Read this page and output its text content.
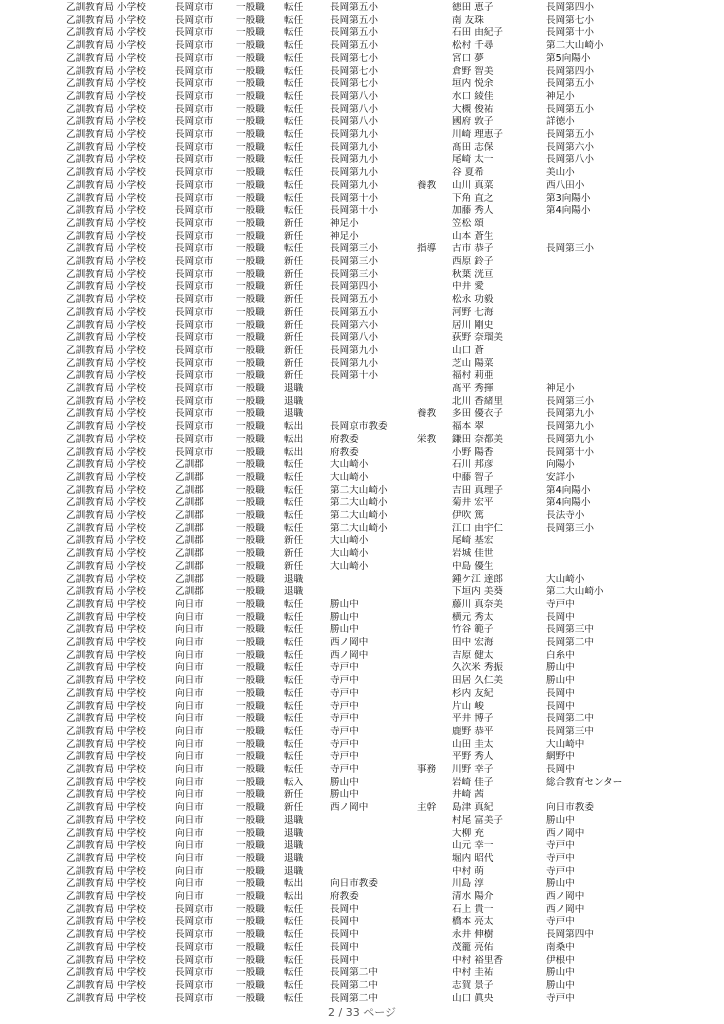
乙訓教育局 小学校	長岡京市	一般職	転任	長岡第五小	徳田 恵子	長岡第四小
乙訓教育局 小学校	長岡京市	一般職	転任	長岡第五小	南 友珠	長岡第七小
乙訓教育局 小学校	長岡京市	一般職	転任	長岡第五小	石田 由紀子	長岡第十小
乙訓教育局 小学校	長岡京市	一般職	転任	長岡第五小	松村 千尋	第二大山崎小
乙訓教育局 小学校	長岡京市	一般職	転任	長岡第七小	宮口 夢	第5向陽小
乙訓教育局 小学校	長岡京市	一般職	転任	長岡第七小	倉野 智美	長岡第四小
乙訓教育局 小学校	長岡京市	一般職	転任	長岡第七小	垣内 悦余	長岡第五小
乙訓教育局 小学校	長岡京市	一般職	転任	長岡第八小	水口 綾佳	神足小
乙訓教育局 小学校	長岡京市	一般職	転任	長岡第八小	大槻 俊祐	長岡第五小
乙訓教育局 小学校	長岡京市	一般職	転任	長岡第八小	國府 敦子	詳徳小
乙訓教育局 小学校	長岡京市	一般職	転任	長岡第九小	川崎 理恵子	長岡第五小
乙訓教育局 小学校	長岡京市	一般職	転任	長岡第九小	髙田 志保	長岡第六小
乙訓教育局 小学校	長岡京市	一般職	転任	長岡第九小	尾崎 太一	長岡第八小
乙訓教育局 小学校	長岡京市	一般職	転任	長岡第九小	谷 夏希	美山小
乙訓教育局 小学校	長岡京市	一般職	転任	長岡第九小	養教	山川 真菜	西八田小
乙訓教育局 小学校	長岡京市	一般職	転任	長岡第十小	下角 直之	第3向陽小
乙訓教育局 小学校	長岡京市	一般職	転任	長岡第十小	加藤 秀人	第4向陽小
乙訓教育局 小学校	長岡京市	一般職	新任	神足小	笠松 頌
乙訓教育局 小学校	長岡京市	一般職	新任	神足小	山本 蒼生
乙訓教育局 小学校	長岡京市	一般職	転任	長岡第三小	指導	古市 恭子	長岡第三小
乙訓教育局 小学校	長岡京市	一般職	新任	長岡第三小	西原 鈴子
乙訓教育局 小学校	長岡京市	一般職	新任	長岡第三小	秋葉 洸亘
乙訓教育局 小学校	長岡京市	一般職	新任	長岡第四小	中井 愛
乙訓教育局 小学校	長岡京市	一般職	新任	長岡第五小	松永 功毅
乙訓教育局 小学校	長岡京市	一般職	新任	長岡第五小	河野 七海
乙訓教育局 小学校	長岡京市	一般職	新任	長岡第六小	居川 剛史
乙訓教育局 小学校	長岡京市	一般職	新任	長岡第八小	荻野 奈瑠美
乙訓教育局 小学校	長岡京市	一般職	新任	長岡第九小	山口 蒼
乙訓教育局 小学校	長岡京市	一般職	新任	長岡第九小	芝山 陽菜
乙訓教育局 小学校	長岡京市	一般職	新任	長岡第十小	福村 莉亜
乙訓教育局 小学校	長岡京市	一般職	退職	髙平 秀揮	神足小
乙訓教育局 小学校	長岡京市	一般職	退職	北川 香緒里	長岡第三小
乙訓教育局 小学校	長岡京市	一般職	退職	養教	多田 優衣子	長岡第九小
乙訓教育局 小学校	長岡京市	一般職	転出	長岡京市教委	福本 翠	長岡第九小
乙訓教育局 小学校	長岡京市	一般職	転出	府教委	栄教	鎌田 奈都美	長岡第九小
乙訓教育局 小学校	長岡京市	一般職	転出	府教委	小野 陽香	長岡第十小
乙訓教育局 小学校	乙訓郡	一般職	転任	大山崎小	石川 邦彦	向陽小
乙訓教育局 小学校	乙訓郡	一般職	転任	大山崎小	中藤 智子	安詳小
乙訓教育局 小学校	乙訓郡	一般職	転任	第二大山崎小	吉田 真理子	第4向陽小
乙訓教育局 小学校	乙訓郡	一般職	転任	第二大山崎小	菊井 宏平	第4向陽小
乙訓教育局 小学校	乙訓郡	一般職	転任	第二大山崎小	伊吹 篤	長法寺小
乙訓教育局 小学校	乙訓郡	一般職	転任	第二大山崎小	江口 由宇仁	長岡第三小
乙訓教育局 小学校	乙訓郡	一般職	新任	大山崎小	尾崎 基宏
乙訓教育局 小学校	乙訓郡	一般職	新任	大山崎小	岩城 佳世
乙訓教育局 小学校	乙訓郡	一般職	新任	大山崎小	中島 優生
乙訓教育局 小学校	乙訓郡	一般職	退職	鍾ケ江 達郎	大山崎小
乙訓教育局 小学校	乙訓郡	一般職	退職	下垣内 美葵	第二大山崎小
乙訓教育局 中学校	向日市	一般職	転任	勝山中	藤川 真奈美	寺戸中
乙訓教育局 中学校	向日市	一般職	転任	勝山中	横元 秀太	長岡中
乙訓教育局 中学校	向日市	一般職	転任	勝山中	竹谷 範子	長岡第三中
乙訓教育局 中学校	向日市	一般職	転任	西ノ岡中	田中 宏海	長岡第二中
乙訓教育局 中学校	向日市	一般職	転任	西ノ岡中	吉原 健太	白糸中
乙訓教育局 中学校	向日市	一般職	転任	寺戸中	久次米 秀振	勝山中
乙訓教育局 中学校	向日市	一般職	転任	寺戸中	田居 久仁美	勝山中
乙訓教育局 中学校	向日市	一般職	転任	寺戸中	杉内 友紀	長岡中
乙訓教育局 中学校	向日市	一般職	転任	寺戸中	片山 峻	長岡中
乙訓教育局 中学校	向日市	一般職	転任	寺戸中	平井 博子	長岡第二中
乙訓教育局 中学校	向日市	一般職	転任	寺戸中	鹿野 恭平	長岡第三中
乙訓教育局 中学校	向日市	一般職	転任	寺戸中	山田 圭太	大山崎中
乙訓教育局 中学校	向日市	一般職	転任	寺戸中	平野 秀人	網野中
乙訓教育局 中学校	向日市	一般職	転任	寺戸中	事務	川野 幸子	長岡中
乙訓教育局 中学校	向日市	一般職	転入	勝山中	岩崎 佳子	総合教育センター
乙訓教育局 中学校	向日市	一般職	新任	勝山中	井崎 茜
乙訓教育局 中学校	向日市	一般職	新任	西ノ岡中	主幹	島津 真紀	向日市教委
乙訓教育局 中学校	向日市	一般職	退職	村尾 富美子	勝山中
乙訓教育局 中学校	向日市	一般職	退職	大柳 充	西ノ岡中
乙訓教育局 中学校	向日市	一般職	退職	山元 幸一	寺戸中
乙訓教育局 中学校	向日市	一般職	退職	堀内 昭代	寺戸中
乙訓教育局 中学校	向日市	一般職	退職	中村 萌	寺戸中
乙訓教育局 中学校	向日市	一般職	転出	向日市教委	川島 淳	勝山中
乙訓教育局 中学校	向日市	一般職	転出	府教委	清水 陽介	西ノ岡中
乙訓教育局 中学校	長岡京市	一般職	転任	長岡中	石上 貴一	西ノ岡中
乙訓教育局 中学校	長岡京市	一般職	転任	長岡中	橋本 亮太	寺戸中
乙訓教育局 中学校	長岡京市	一般職	転任	長岡中	永井 伸樹	長岡第四中
乙訓教育局 中学校	長岡京市	一般職	転任	長岡中	茂籠 亮佑	南桑中
乙訓教育局 中学校	長岡京市	一般職	転任	長岡中	中村 裕里香	伊根中
乙訓教育局 中学校	長岡京市	一般職	転任	長岡第二中	中村 圭祐	勝山中
乙訓教育局 中学校	長岡京市	一般職	転任	長岡第二中	志賀 景子	勝山中
乙訓教育局 中学校	長岡京市	一般職	転任	長岡第二中	山口 眞央	寺戸中
2 / 33 ページ
